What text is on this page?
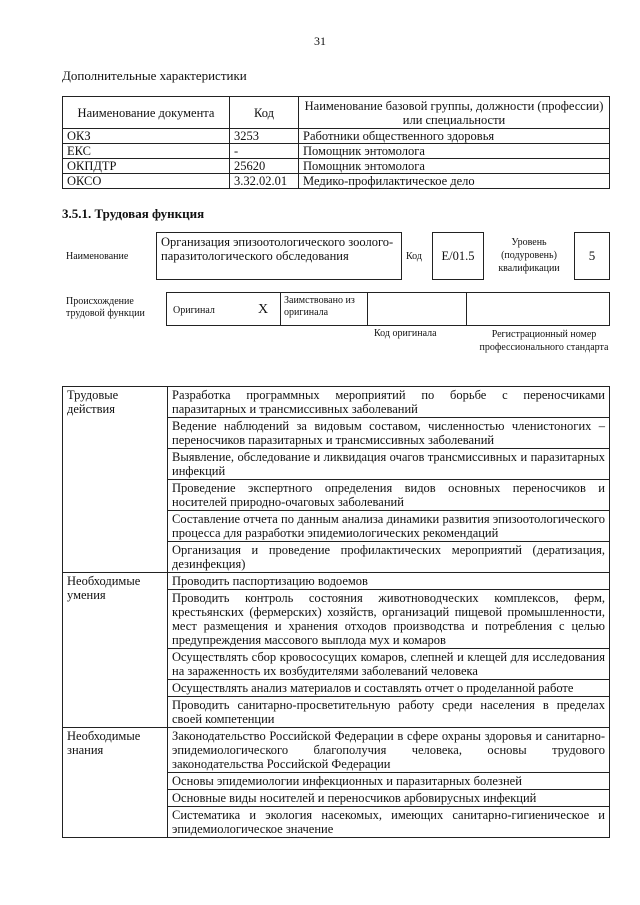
31
Дополнительные характеристики
Наименование документа	Код	Наименование базовой группы, должности (профессии) или специальности
ОКЗ	3253	Работники общественного здоровья
ЕКС	-	Помощник энтомолога
ОКПДТР	25620	Помощник энтомолога
ОКСО	3.32.02.01	Медико-профилактическое дело
3.5.1. Трудовая функция
Наименование
Организация эпизоотологического зоолого-паразитологического обследования	Код	E/01.5
Уровень (подуровень) квалификации
5
Происхождение трудовой функции	Оригинал	X
Заимствовано из оригинала
Код оригинала	Регистрационный номер профессионального стандарта
Трудовые действия	Разработка программных мероприятий по борьбе с переносчиками паразитарных и трансмиссивных заболеваний
	Ведение наблюдений за видовым составом, численностью членистоногих – переносчиков паразитарных и трансмиссивных заболеваний
	Выявление, обследование и ликвидация очагов трансмиссивных и паразитарных инфекций
	Проведение экспертного определения видов основных переносчиков и носителей природно-очаговых заболеваний
	Составление отчета по данным анализа динамики развития эпизоотологического процесса для разработки эпидемиологических рекомендаций
	Организация и проведение профилактических мероприятий (дератизация, дезинфекция)
Необходимые умения	Проводить паспортизацию водоемов
	Проводить контроль состояния животноводческих комплексов, ферм, крестьянских (фермерских) хозяйств, организаций пищевой промышленности, мест размещения и хранения отходов производства и потребления с целью предупреждения массового выплода мух и комаров
	Осуществлять сбор кровососущих комаров, слепней и клещей для исследования на зараженность их возбудителями заболеваний человека
	Осуществлять анализ материалов и составлять отчет о проделанной работе
	Проводить санитарно-просветительную работу среди населения в пределах своей компетенции
Необходимые знания	Законодательство Российской Федерации в сфере охраны здоровья и санитарно-эпидемиологического благополучия человека, основы трудового законодательства Российской Федерации
	Основы эпидемиологии инфекционных и паразитарных болезней
	Основные виды носителей и переносчиков арбовирусных инфекций
	Систематика и экология насекомых, имеющих санитарно-гигиеническое и эпидемиологическое значение
